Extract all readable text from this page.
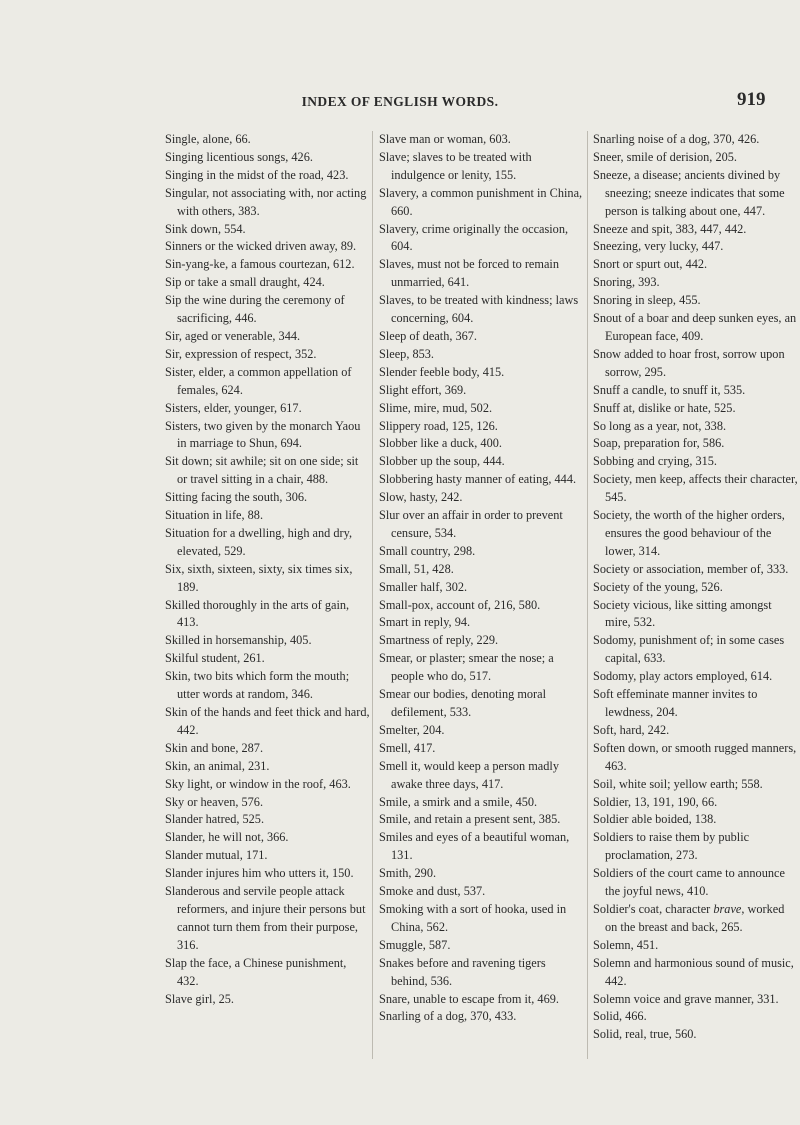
INDEX OF ENGLISH WORDS.	919

Single, alone, 66.

Singing licentious songs, 426.

Singing in the midst of the road, 423.

Singular, not associating with, nor acting with others, 383.

Sink down, 554.

Sinners or the wicked driven away, 89.

Sin-yang-ke, a famous courtezan, 612.

Sip or take a small draught, 424.

Sip the wine during the ceremony of sacrificing, 446.

Sir, aged or venerable, 344.

Sir, expression of respect, 352.

Sister, elder, a common appellation of females, 624.

Sisters, elder, younger, 617.

Sisters, two given by the monarch Yaou in marriage to Shun, 694.

Sit down; sit awhile; sit on one side; sit or travel sitting in a chair, 488.

Sitting facing the south, 306.

Situation in life, 88.

Situation for a dwelling, high and dry, elevated, 529.

Six, sixth, sixteen, sixty, six times six, 189.

Skilled thoroughly in the arts of gain, 413.

Skilled in horsemanship, 405.

Skilful student, 261.

Skin, two bits which form the mouth; utter words at random, 346.

Skin of the hands and feet thick and hard, 442.

Skin and bone, 287.

Skin, an animal, 231.

Sky light, or window in the roof, 463.

Sky or heaven, 576.

Slander hatred, 525.

Slander, he will not, 366.

Slander mutual, 171.

Slander injures him who utters it, 150.

Slanderous and servile people attack reformers, and injure their persons but cannot turn them from their purpose, 316.

Slap the face, a Chinese punishment, 432.

Slave girl, 25.

Slave man or woman, 603.

Slave; slaves to be treated with indulgence or lenity, 155.

Slavery, a common punishment in China, 660.

Slavery, crime originally the occasion, 604.

Slaves, must not be forced to remain unmarried, 641.

Slaves, to be treated with kindness; laws concerning, 604.

Sleep of death, 367.

Sleep, 853.

Slender feeble body, 415.

Slight effort, 369.

Slime, mire, mud, 502.

Slippery road, 125, 126.

Slobber like a duck, 400.

Slobber up the soup, 444.

Slobbering hasty manner of eating, 444.

Slow, hasty, 242.

Slur over an affair in order to prevent censure, 534.

Small country, 298.

Small, 51, 428.

Smaller half, 302.

Small-pox, account of, 216, 580.

Smart in reply, 94.

Smartness of reply, 229.

Smear, or plaster; smear the nose; a people who do, 517.

Smear our bodies, denoting moral defilement, 533.

Smelter, 204.

Smell, 417.

Smell it, would keep a person madly awake three days, 417.

Smile, a smirk and a smile, 450.

Smile, and retain a present sent, 385.

Smiles and eyes of a beautiful woman, 131.

Smith, 290.

Smoke and dust, 537.

Smoking with a sort of hooka, used in China, 562.

Smuggle, 587.

Snakes before and ravening tigers behind, 536.

Snare, unable to escape from it, 469.

Snarling of a dog, 370, 433.

Snarling noise of a dog, 370, 426.

Sneer, smile of derision, 205.

Sneeze, a disease; ancients divined by sneezing; sneeze indicates that some person is talking about one, 447.

Sneeze and spit, 383, 447, 442.

Sneezing, very lucky, 447.

Snort or spurt out, 442.

Snoring, 393.

Snoring in sleep, 455.

Snout of a boar and deep sunken eyes, an European face, 409.

Snow added to hoar frost, sorrow upon sorrow, 295.

Snuff a candle, to snuff it, 535.

Snuff at, dislike or hate, 525.

So long as a year, not, 338.

Soap, preparation for, 586.

Sobbing and crying, 315.

Society, men keep, affects their character, 545.

Society, the worth of the higher orders, ensures the good behaviour of the lower, 314.

Society or association, member of, 333.

Society of the young, 526.

Society vicious, like sitting amongst mire, 532.

Sodomy, punishment of; in some cases capital, 633.

Sodomy, play actors employed, 614.

Soft effeminate manner invites to lewdness, 204.

Soft, hard, 242.

Soften down, or smooth rugged manners, 463.

Soil, white soil; yellow earth; 558.

Soldier, 13, 191, 190, 66.

Soldier able boided, 138.

Soldiers to raise them by public proclamation, 273.

Soldiers of the court came to announce the joyful news, 410.

Soldier's coat, character brave, worked on the breast and back, 265.

Solemn, 451.

Solemn and harmonious sound of music, 442.

Solemn voice and grave manner, 331.

Solid, 466.

Solid, real, true, 560.
